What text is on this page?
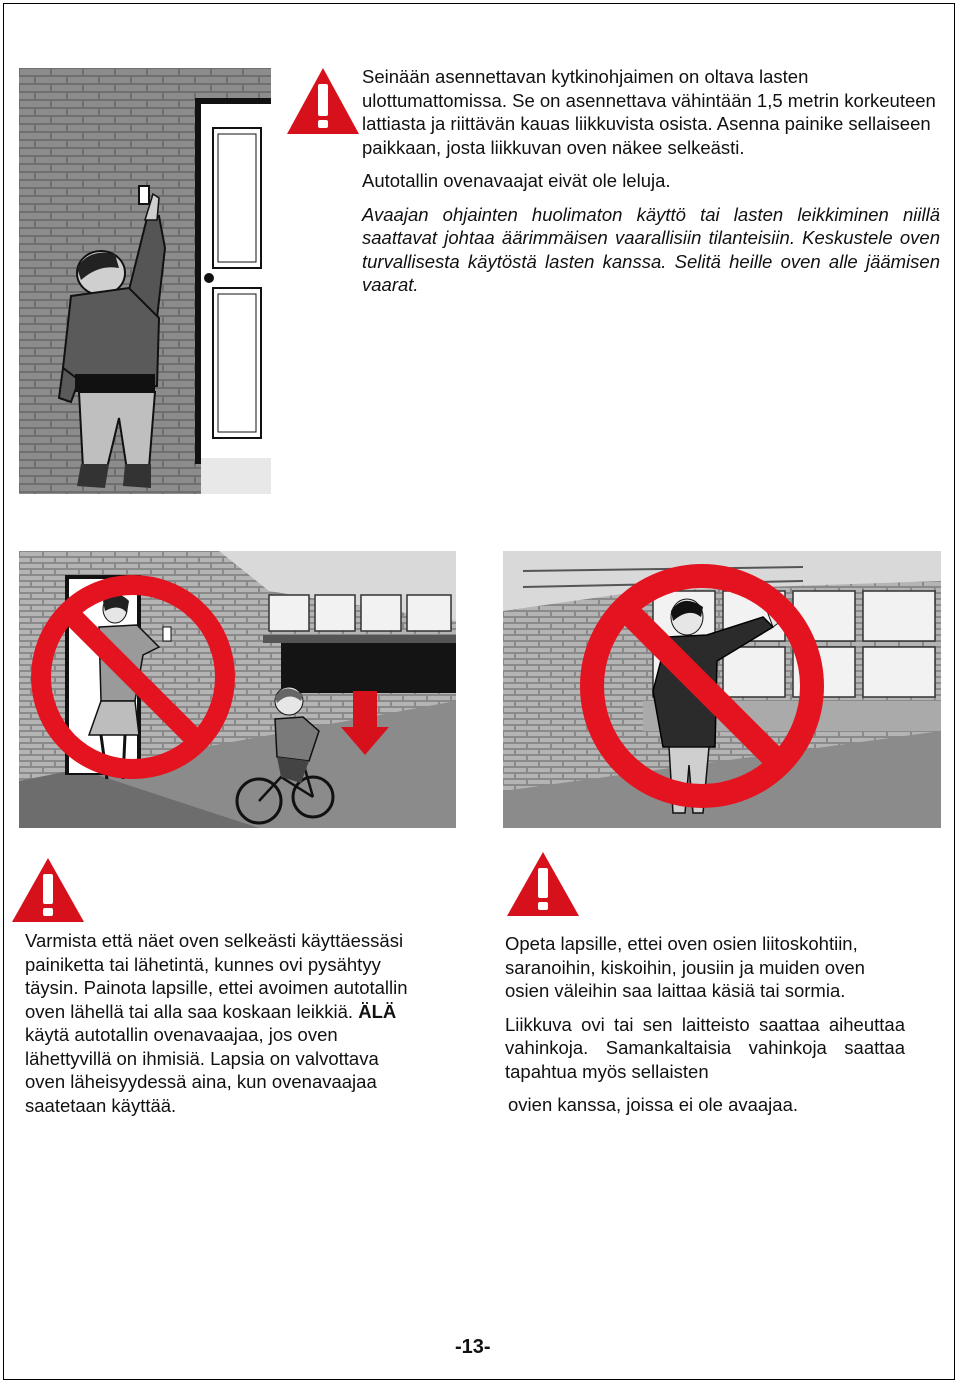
Seinään asennettavan kytkinohjaimen on oltava lasten ulottumattomissa. Se on asennettava vähintään 1,5 metrin korkeuteen lattiasta ja riittävän kauas liikkuvista osista. Asenna painike sellaiseen paikkaan, josta liikkuvan oven näkee selkeästi.

Autotallin ovenavaajat eivät ole leluja.

Avaajan ohjainten huolimaton käyttö tai lasten leikkiminen niillä saattavat johtaa äärimmäisen vaarallisiin tilanteisiin. Keskustele oven turvallisesta käytöstä lasten kanssa. Selitä heille oven alle jäämisen vaarat.

Varmista että näet oven selkeästi käyttäessäsi painiketta tai lähetintä, kunnes ovi pysähtyy täysin. Painota lapsille, ettei avoimen autotallin oven lähellä tai alla saa koskaan leikkiä. ÄLÄ käytä autotallin ovenavaajaa, jos oven lähettyvillä on ihmisiä. Lapsia on valvottava oven läheisyydessä aina, kun ovenavaajaa saatetaan käyttää.

Opeta lapsille, ettei oven osien liitoskohtiin, saranoihin, kiskoihin, jousiin ja muiden oven osien väleihin saa laittaa käsiä tai sormia.

Liikkuva ovi tai sen laitteisto saattaa aiheuttaa vahinkoja. Samankaltaisia vahinkoja saattaa tapahtua myös sellaisten

ovien kanssa, joissa ei ole avaajaa.

-13-
